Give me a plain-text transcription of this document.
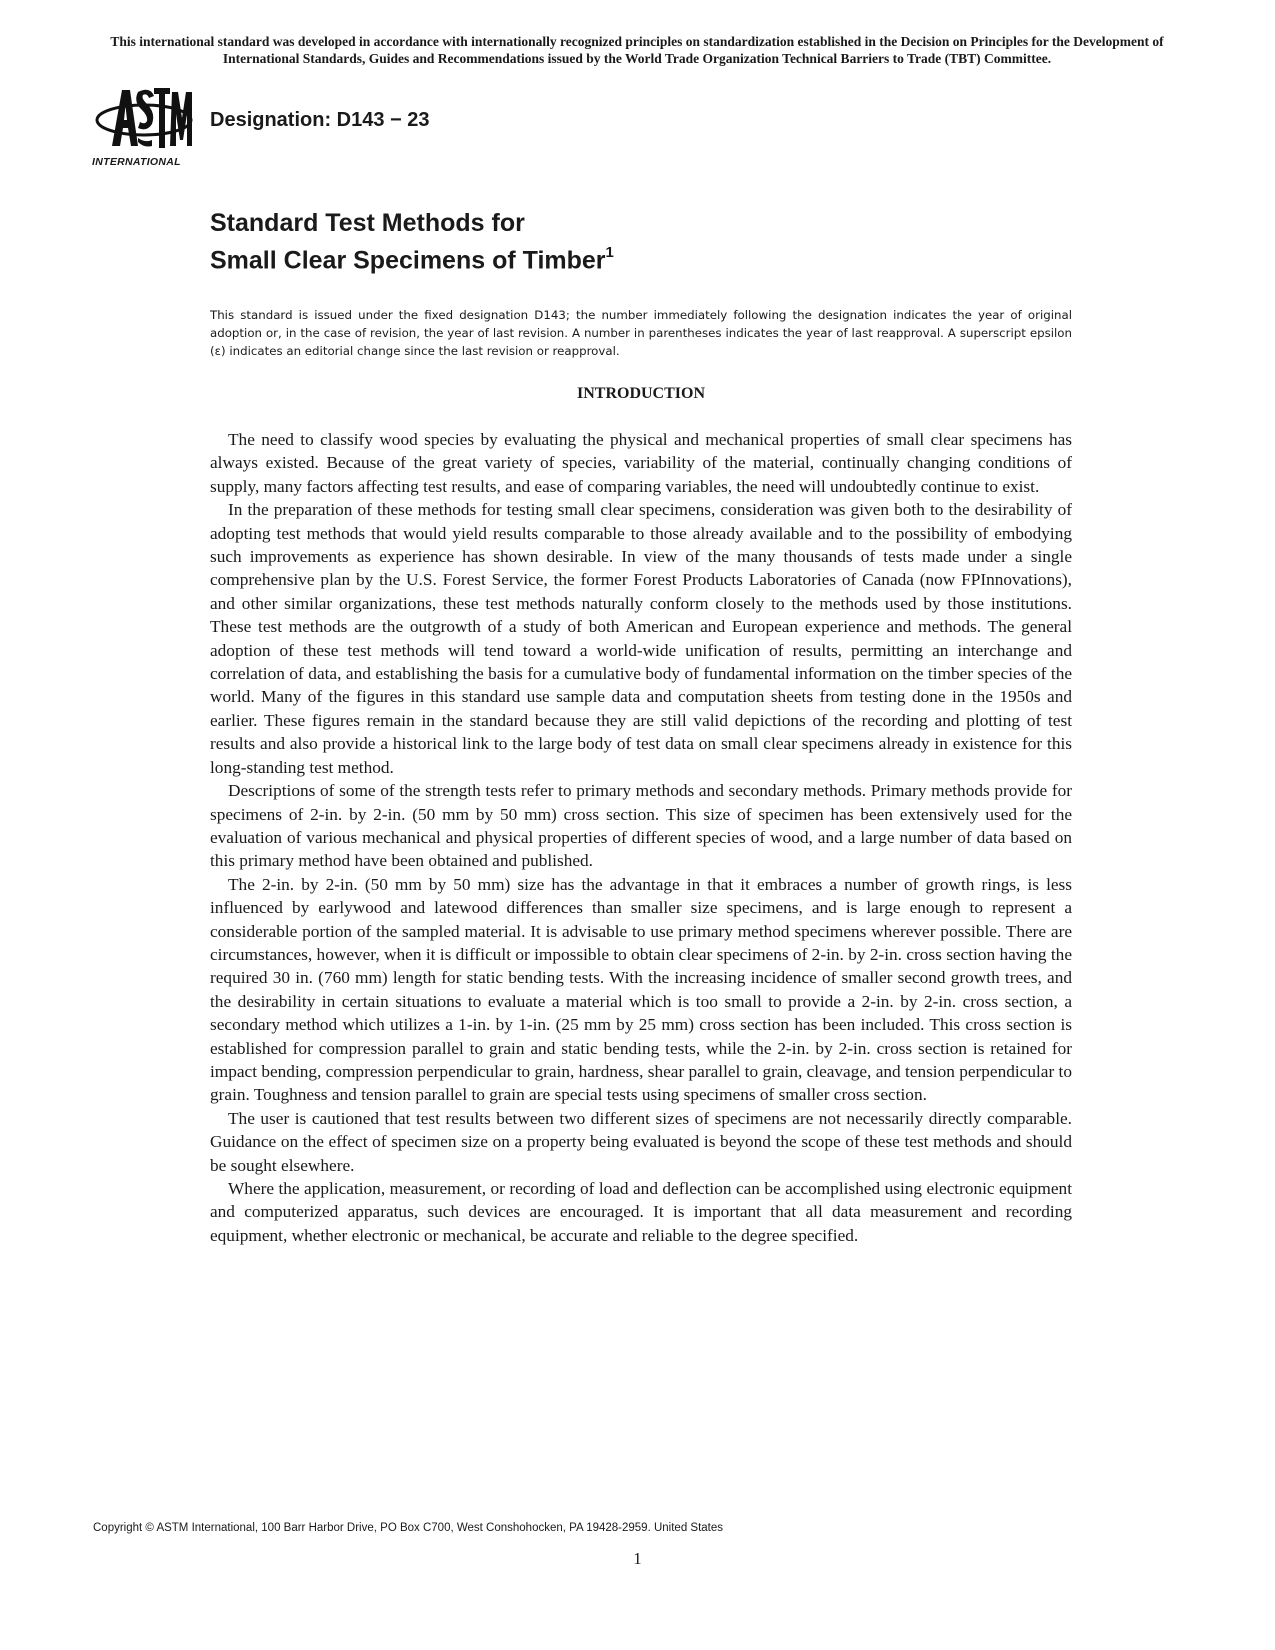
This international standard was developed in accordance with internationally recognized principles on standardization established in the Decision on Principles for the Development of International Standards, Guides and Recommendations issued by the World Trade Organization Technical Barriers to Trade (TBT) Committee.
INTERNATIONAL
Designation: D143 − 23
Standard Test Methods for
Small Clear Specimens of Timber$^1$
This standard is issued under the fixed designation D143; the number immediately following the designation indicates the year of original adoption or, in the case of revision, the year of last revision. A number in parentheses indicates the year of last reapproval. A superscript epsilon (ε) indicates an editorial change since the last revision or reapproval.
INTRODUCTION

The need to classify wood species by evaluating the physical and mechanical properties of small clear specimens has always existed. Because of the great variety of species, variability of the material, continually changing conditions of supply, many factors affecting test results, and ease of comparing variables, the need will undoubtedly continue to exist.

In the preparation of these methods for testing small clear specimens, consideration was given both to the desirability of adopting test methods that would yield results comparable to those already available and to the possibility of embodying such improvements as experience has shown desirable. In view of the many thousands of tests made under a single comprehensive plan by the U.S. Forest Service, the former Forest Products Laboratories of Canada (now FPInnovations), and other similar organizations, these test methods naturally conform closely to the methods used by those institutions. These test methods are the outgrowth of a study of both American and European experience and methods. The general adoption of these test methods will tend toward a world-wide unification of results, permitting an interchange and correlation of data, and establishing the basis for a cumulative body of fundamental information on the timber species of the world. Many of the figures in this standard use sample data and computation sheets from testing done in the 1950s and earlier. These figures remain in the standard because they are still valid depictions of the recording and plotting of test results and also provide a historical link to the large body of test data on small clear specimens already in existence for this long-standing test method.

Descriptions of some of the strength tests refer to primary methods and secondary methods. Primary methods provide for specimens of 2-in. by 2-in. (50 mm by 50 mm) cross section. This size of specimen has been extensively used for the evaluation of various mechanical and physical properties of different species of wood, and a large number of data based on this primary method have been obtained and published.

The 2-in. by 2-in. (50 mm by 50 mm) size has the advantage in that it embraces a number of growth rings, is less influenced by earlywood and latewood differences than smaller size specimens, and is large enough to represent a considerable portion of the sampled material. It is advisable to use primary method specimens wherever possible. There are circumstances, however, when it is difficult or impossible to obtain clear specimens of 2-in. by 2-in. cross section having the required 30 in. (760 mm) length for static bending tests. With the increasing incidence of smaller second growth trees, and the desirability in certain situations to evaluate a material which is too small to provide a 2-in. by 2-in. cross section, a secondary method which utilizes a 1-in. by 1-in. (25 mm by 25 mm) cross section has been included. This cross section is established for compression parallel to grain and static bending tests, while the 2-in. by 2-in. cross section is retained for impact bending, compression perpendicular to grain, hardness, shear parallel to grain, cleavage, and tension perpendicular to grain. Toughness and tension parallel to grain are special tests using specimens of smaller cross section.

The user is cautioned that test results between two different sizes of specimens are not necessarily directly comparable. Guidance on the effect of specimen size on a property being evaluated is beyond the scope of these test methods and should be sought elsewhere.

Where the application, measurement, or recording of load and deflection can be accomplished using electronic equipment and computerized apparatus, such devices are encouraged. It is important that all data measurement and recording equipment, whether electronic or mechanical, be accurate and reliable to the degree specified.

Copyright © ASTM International, 100 Barr Harbor Drive, PO Box C700, West Conshohocken, PA 19428-2959. United States
1
